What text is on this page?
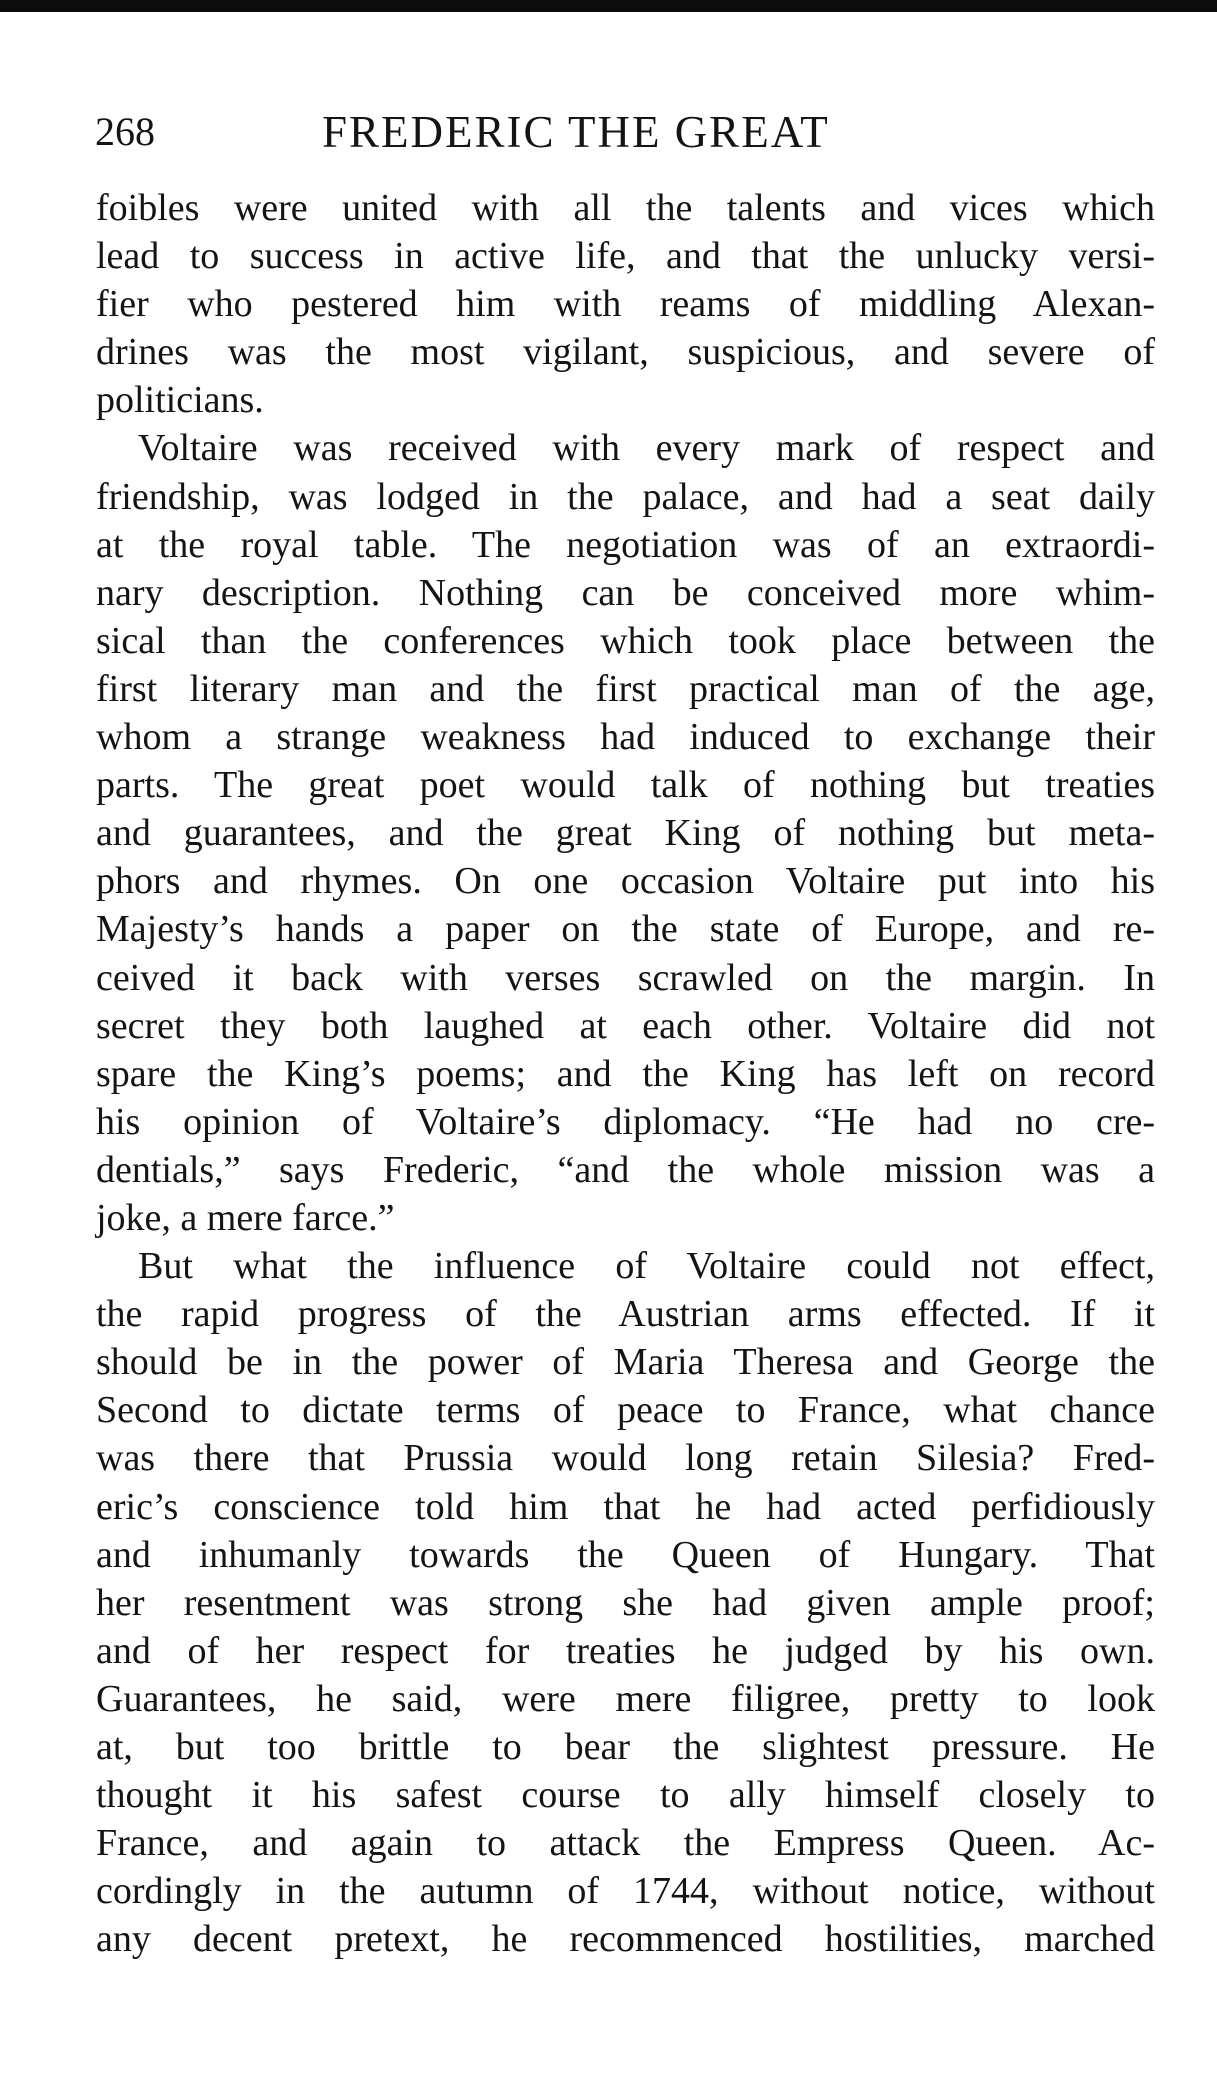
268	FREDERIC THE GREAT
foibles were united with all the talents and vices which
lead to success in active life, and that the unlucky versi-
fier who pestered him with reams of middling Alexan-
drines was the most vigilant, suspicious, and severe of
politicians.
Voltaire was received with every mark of respect and
friendship, was lodged in the palace, and had a seat daily
at the royal table. The negotiation was of an extraordi-
nary description. Nothing can be conceived more whim-
sical than the conferences which took place between the
first literary man and the first practical man of the age,
whom a strange weakness had induced to exchange their
parts. The great poet would talk of nothing but treaties
and guarantees, and the great King of nothing but meta-
phors and rhymes. On one occasion Voltaire put into his
Majesty’s hands a paper on the state of Europe, and re-
ceived it back with verses scrawled on the margin. In
secret they both laughed at each other. Voltaire did not
spare the King’s poems; and the King has left on record
his opinion of Voltaire’s diplomacy. “He had no cre-
dentials,” says Frederic, “and the whole mission was a
joke, a mere farce.”
But what the influence of Voltaire could not effect,
the rapid progress of the Austrian arms effected. If it
should be in the power of Maria Theresa and George the
Second to dictate terms of peace to France, what chance
was there that Prussia would long retain Silesia? Fred-
eric’s conscience told him that he had acted perfidiously
and inhumanly towards the Queen of Hungary. That
her resentment was strong she had given ample proof;
and of her respect for treaties he judged by his own.
Guarantees, he said, were mere filigree, pretty to look
at, but too brittle to bear the slightest pressure. He
thought it his safest course to ally himself closely to
France, and again to attack the Empress Queen. Ac-
cordingly in the autumn of 1744, without notice, without
any decent pretext, he recommenced hostilities, marched
